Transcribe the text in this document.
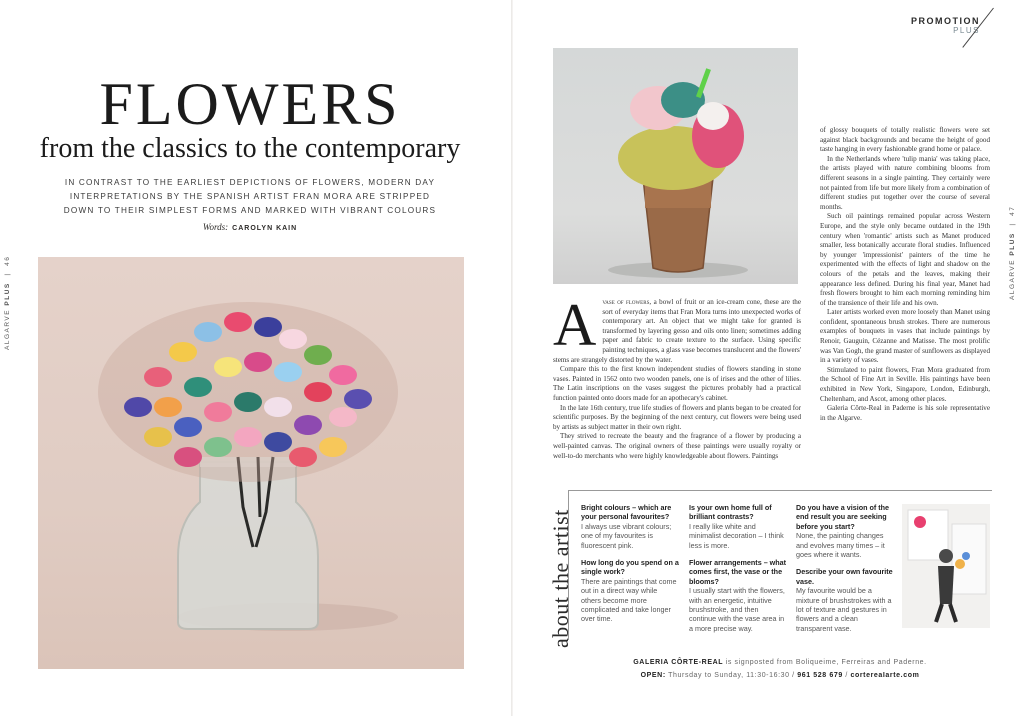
PROMOTION
PLUS
FLOWERS
from the classics to the contemporary
IN CONTRAST TO THE EARLIEST DEPICTIONS OF FLOWERS, MODERN DAY INTERPRETATIONS BY THE SPANISH ARTIST FRAN MORA ARE STRIPPED DOWN TO THEIR SIMPLEST FORMS AND MARKED WITH VIBRANT COLOURS
Words: CAROLYN KAIN
ALGARVE PLUS  |  46	ALGARVE PLUS  |  47
A vase of flowers, a bowl of fruit or an ice-cream cone, these are the sort of everyday items that Fran Mora turns into unexpected works of contemporary art. An object that we might take for granted is transformed by layering gesso and oils onto linen; sometimes adding paper and fabric to create texture to the surface. Using specific painting techniques, a glass vase becomes translucent and the flowers' stems are strangely distorted by the water.

Compare this to the first known independent studies of flowers standing in stone vases. Painted in 1562 onto two wooden panels, one is of irises and the other of lilies. The Latin inscriptions on the vases suggest the pictures probably had a practical function painted onto doors made for an apothecary's cabinet.

In the late 16th century, true life studies of flowers and plants began to be created for scientific purposes. By the beginning of the next century, cut flowers were being used by artists as subject matter in their own right.

They strived to recreate the beauty and the fragrance of a flower by producing a well-painted canvas. The original owners of these paintings were usually royalty or well-to-do merchants who were highly knowledgeable about flowers. Paintings

of glossy bouquets of totally realistic flowers were set against black backgrounds and became the height of good taste hanging in every fashionable grand home or palace.

In the Netherlands where 'tulip mania' was taking place, the artists played with nature combining blooms from different seasons in a single painting. They certainly were not painted from life but more likely from a combination of different studies put together over the course of several months.

Such oil paintings remained popular across Western Europe, and the style only became outdated in the 19th century when 'romantic' artists such as Manet produced smaller, less botanically accurate floral studies. Influenced by younger 'impressionist' painters of the time he experimented with the effects of light and shadow on the colours of the petals and the leaves, making their appearance less defined. During his final year, Manet had fresh flowers brought to him each morning reminding him of the transience of their life and his own.

Later artists worked even more loosely than Manet using confident, spontaneous brush strokes. There are numerous examples of bouquets in vases that include paintings by Renoir, Gauguin, Cézanne and Matisse. The most prolific was Van Gogh, the grand master of sunflowers as displayed in a variety of vases.

Stimulated to paint flowers, Fran Mora graduated from the School of Fine Art in Seville. His paintings have been exhibited in New York, Singapore, London, Edinburgh, Cheltenham, and Ascot, among other places.

Galeria Côrte-Real in Paderne is his sole representative in the Algarve.

about the artist
Bright colours – which are your personal favourites?
I always use vibrant colours; one of my favourites is fluorescent pink.
How long do you spend on a single work?
There are paintings that come out in a direct way while others become more complicated and take longer over time.
Is your own home full of brilliant contrasts?
I really like white and minimalist decoration – I think less is more.
Flower arrangements – what comes first, the vase or the blooms?
I usually start with the flowers, with an energetic, intuitive brushstroke, and then continue with the vase area in a more precise way.
Do you have a vision of the end result you are seeking before you start?
None, the painting changes and evolves many times – it goes where it wants.
Describe your own favourite vase.
My favourite would be a mixture of brushstrokes with a lot of texture and gestures in flowers and a clean transparent vase.
GALERIA CÔRTE-REAL is signposted from Boliqueime, Ferreiras and Paderne.
OPEN: Thursday to Sunday, 11:30-16:30 / 961 528 679 / cortereaIarte.com
